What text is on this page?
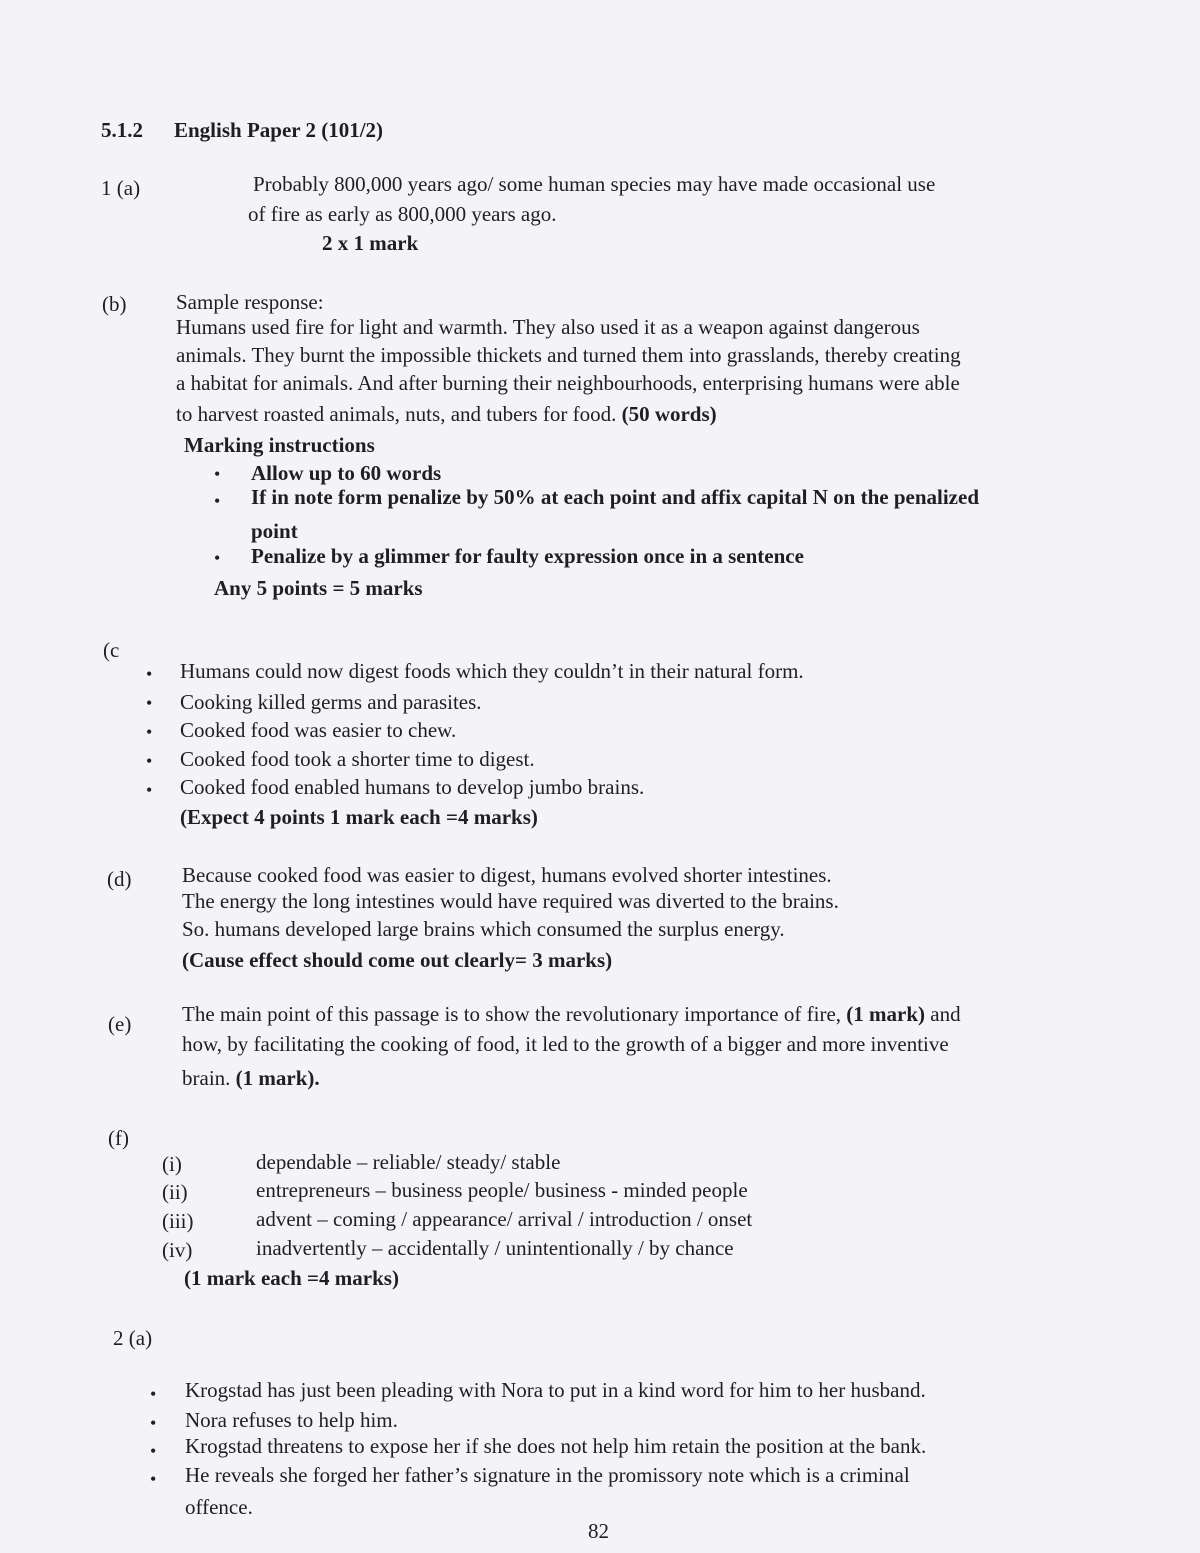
5.1.2 English Paper 2 (101/2)
1 (a)	Probably 800,000 years ago/ some human species may have made occasional use
of fire as early as 800,000 years ago.
2 x 1 mark
(b) Sample response:
Humans used fire for light and warmth. They also used it as a weapon against dangerous
animals. They burnt the impossible thickets and turned them into grasslands, thereby creating
a habitat for animals. And after burning their neighbourhoods, enterprising humans were able
to harvest roasted animals, nuts, and tubers for food. (50 words)
Marking instructions
• Allow up to 60 words
• If in note form penalize by 50% at each point and affix capital N on the penalized
point
• Penalize by a glimmer for faulty expression once in a sentence
Any 5 points = 5 marks
(c
• Humans could now digest foods which they couldn’t in their natural form.
• Cooking killed germs and parasites.
• Cooked food was easier to chew.
• Cooked food took a shorter time to digest.
• Cooked food enabled humans to develop jumbo brains.
(Expect 4 points 1 mark each =4 marks)
(d) Because cooked food was easier to digest, humans evolved shorter intestines.
The energy the long intestines would have required was diverted to the brains.
So. humans developed large brains which consumed the surplus energy.
(Cause effect should come out clearly= 3 marks)
(e) The main point of this passage is to show the revolutionary importance of fire, (1 mark) and
how, by facilitating the cooking of food, it led to the growth of a bigger and more inventive
brain. (1 mark).
(f)
(i)	dependable – reliable/ steady/ stable
(ii)	entrepreneurs – business people/ business - minded people
(iii)	advent – coming / appearance/ arrival / introduction / onset
(iv)	inadvertently – accidentally / unintentionally / by chance
(1 mark each =4 marks)
2 (a)
• Krogstad has just been pleading with Nora to put in a kind word for him to her husband.
• Nora refuses to help him.
• Krogstad threatens to expose her if she does not help him retain the position at the bank.
• He reveals she forged her father’s signature in the promissory note which is a criminal
offence.
82
